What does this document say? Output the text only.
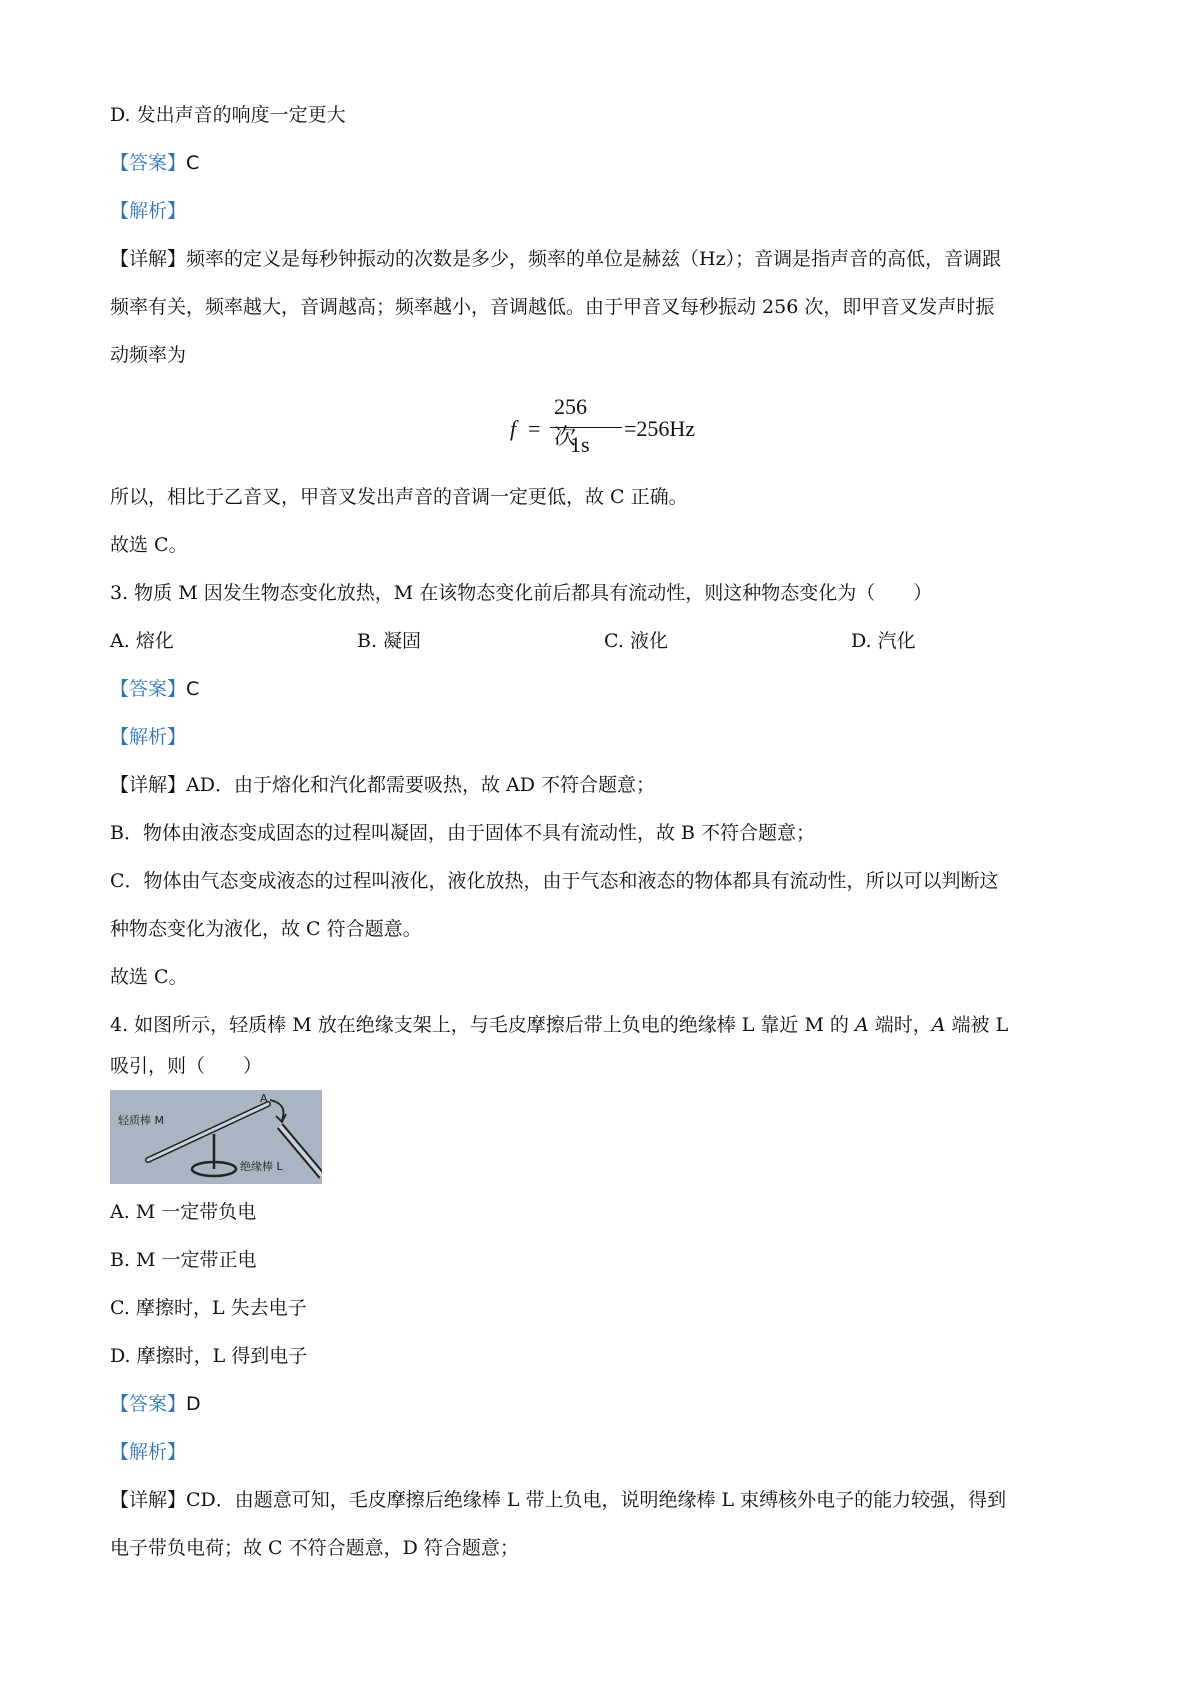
D. 发出声音的响度一定更大
【答案】C
【解析】
【详解】频率的定义是每秒钟振动的次数是多少，频率的单位是赫兹（Hz）；音调是指声音的高低，音调跟
频率有关，频率越大，音调越高；频率越小，音调越低。由于甲音叉每秒振动 256 次，即甲音叉发声时振
动频率为
f =
256次
1s
=256Hz
所以，相比于乙音叉，甲音叉发出声音的音调一定更低，故 C 正确。
故选 C。
3. 物质 M 因发生物态变化放热，M 在该物态变化前后都具有流动性，则这种物态变化为（　　）
A. 熔化	B. 凝固	C. 液化	D. 汽化
【答案】C
【解析】
【详解】AD．由于熔化和汽化都需要吸热，故 AD 不符合题意；
B．物体由液态变成固态的过程叫凝固，由于固体不具有流动性，故 B 不符合题意；
C．物体由气态变成液态的过程叫液化，液化放热，由于气态和液态的物体都具有流动性，所以可以判断这
种物态变化为液化，故 C 符合题意。
故选 C。
4. 如图所示，轻质棒 M 放在绝缘支架上，与毛皮摩擦后带上负电的绝缘棒 L 靠近 M 的 A 端时，A 端被 L
吸引，则（　　）
轻质棒 M
A
绝缘棒 L
A. M 一定带负电
B. M 一定带正电
C. 摩擦时，L 失去电子
D. 摩擦时，L 得到电子
【答案】D
【解析】
【详解】CD．由题意可知，毛皮摩擦后绝缘棒 L 带上负电，说明绝缘棒 L 束缚核外电子的能力较强，得到
电子带负电荷；故 C 不符合题意，D 符合题意；
